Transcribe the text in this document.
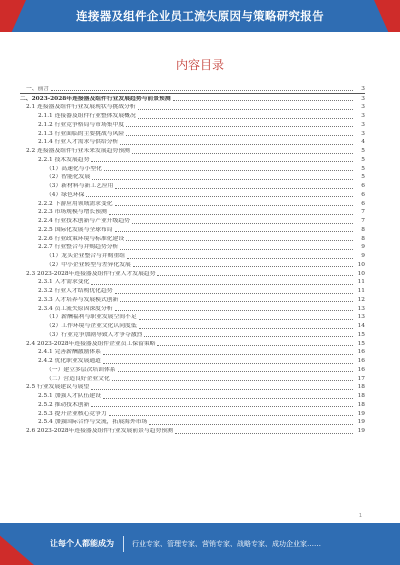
连接器及组件企业员工流失原因与策略研究报告
内容目录
一、前言	3
二、2023-2028年连接器及组件行业发展趋势与前景预测	3
2.1 连接器及组件行业发展现状与挑战分析	3
2.1.1 连接器及组件行业整体发展概况	3
2.1.2 行业竞争格局与市场集中度	3
2.1.3 行业面临的主要挑战与风险	3
2.1.4 行业人才需求与供给分析	4
2.2 连接器及组件行业未来发展趋势预测	5
2.2.1 技术发展趋势	5
（1）高速化与小型化	5
（2）智能化发展	5
（3）新材料与新工艺应用	6
（4）绿色环保	6
2.2.2 下游应用领域需求变化	6
2.2.3 市场规模与增长预测	7
2.2.4 行业技术创新与产业升级趋势	7
2.2.5 国际化发展与全球布局	8
2.2.6 行业政策环境与标准化建设	8
2.2.7 行业整合与并购趋势分析	9
（1）龙头企业整合与并购重组	9
（2）中小企业转型与差异化发展	10
2.3 2023-2028年连接器及组件行业人才发展趋势	10
2.3.1 人才需求变化	11
2.3.2 行业人才结构优化趋势	11
2.3.3 人才培养与发展模式创新	12
2.3.4 员工流失原因深度分析	13
（1）薪酬福利与职业发展空间不足	13
（2）工作环境与企业文化认同度低	14
（3）行业竞争加剧导致人才争夺激烈	15
2.4 2023-2028年连接器及组件企业员工保留策略	15
2.4.1 完善薪酬激励体系	16
2.4.2 优化职业发展通道	16
（一）建立多层次培训体系	16
（二）营造良好企业文化	17
2.5 行业发展建议与展望	18
2.5.1 加强人才队伍建设	18
2.5.2 推动技术创新	18
2.5.3 提升企业核心竞争力	19
2.5.4 加强国际合作与交流，拓展海外市场	19
2.6 2023-2028年连接器及组件行业发展前景与趋势预测	19
1
让每个人都能成为	行业专家、管理专家、营销专家、战略专家、成功企业家……
